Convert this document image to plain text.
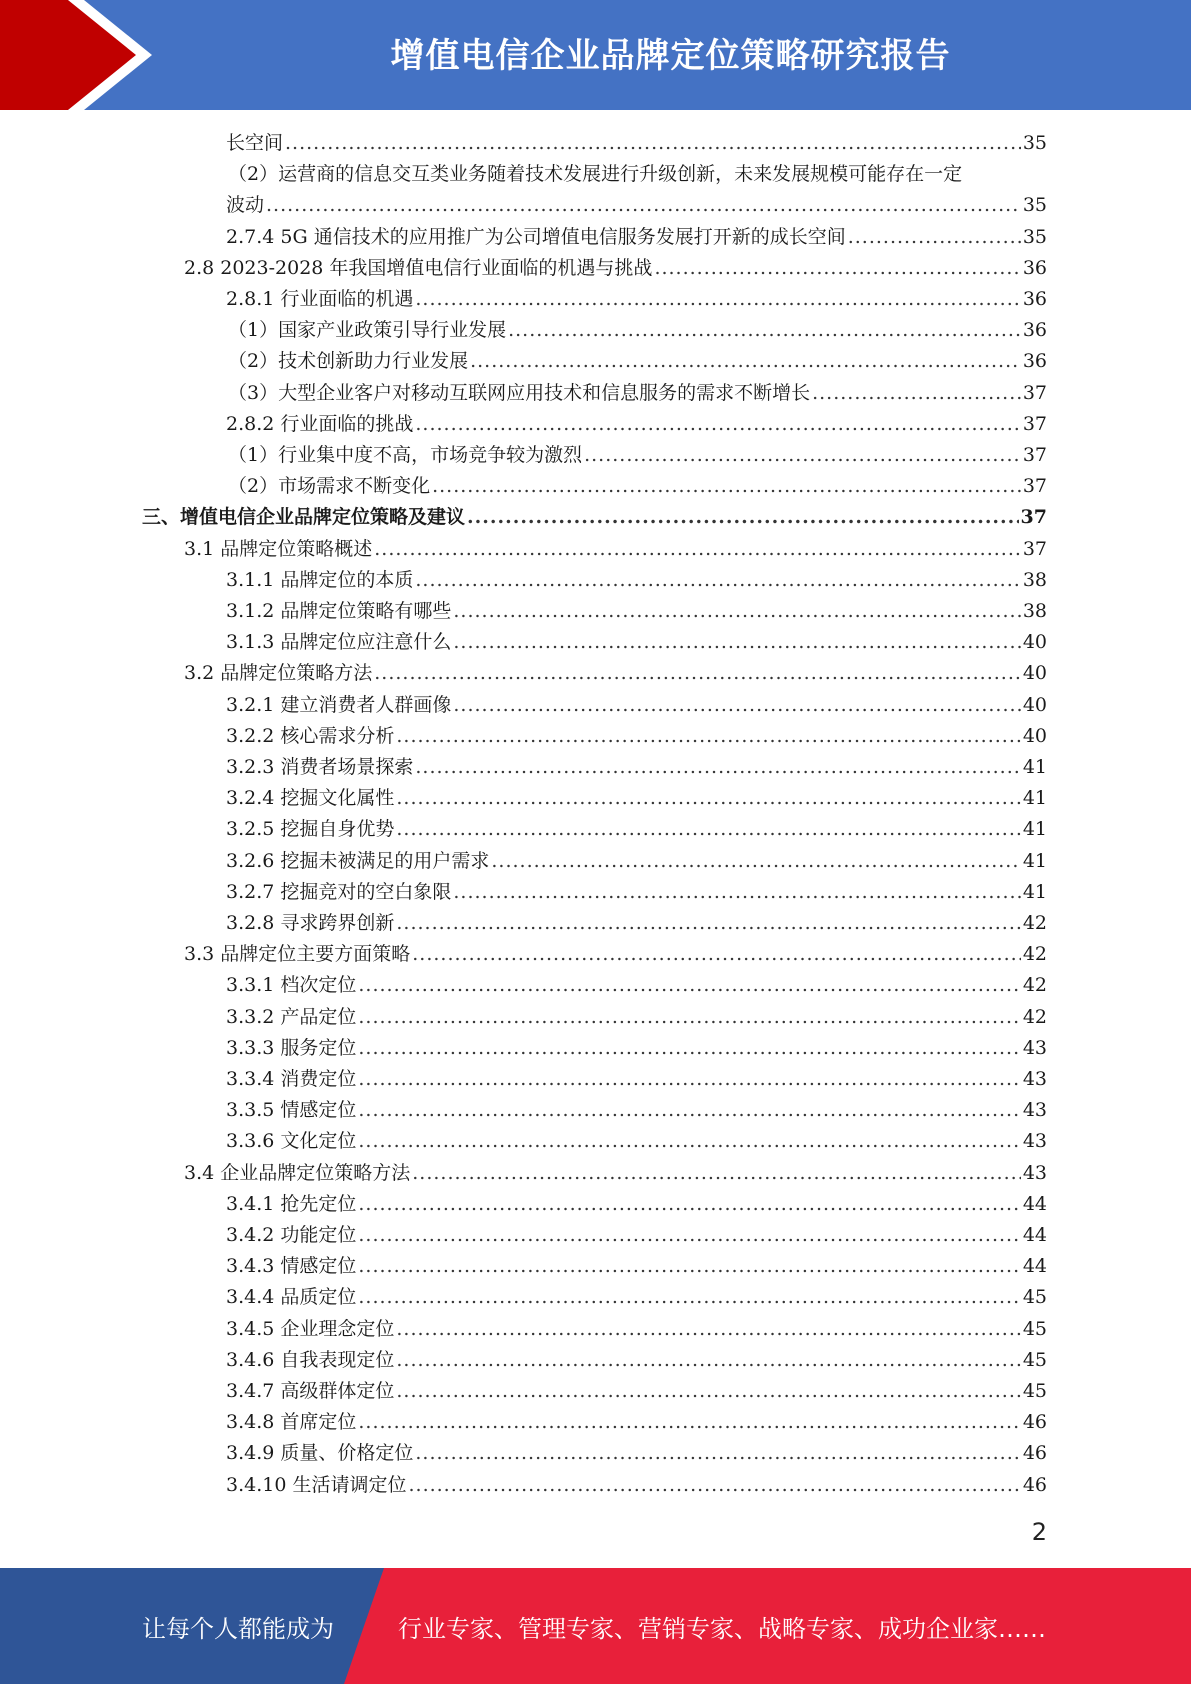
增值电信企业品牌定位策略研究报告
长空间 .....	35
（2）运营商的信息交互类业务随着技术发展进行升级创新，未来发展规模可能存在一定
波动 .....	35
2.7.4 5G 通信技术的应用推广为公司增值电信服务发展打开新的成长空间 .....	35
2.8 2023-2028 年我国增值电信行业面临的机遇与挑战 .....	36
2.8.1 行业面临的机遇 .....	36
（1）国家产业政策引导行业发展 .....	36
（2）技术创新助力行业发展 .....	36
（3）大型企业客户对移动互联网应用技术和信息服务的需求不断增长 .....	37
2.8.2 行业面临的挑战 .....	37
（1）行业集中度不高，市场竞争较为激烈 .....	37
（2）市场需求不断变化 .....	37
三、增值电信企业品牌定位策略及建议 .....	37
3.1 品牌定位策略概述 .....	37
3.1.1 品牌定位的本质 .....	38
3.1.2 品牌定位策略有哪些 .....	38
3.1.3 品牌定位应注意什么 .....	40
3.2 品牌定位策略方法 .....	40
3.2.1 建立消费者人群画像 .....	40
3.2.2 核心需求分析 .....	40
3.2.3 消费者场景探索 .....	41
3.2.4 挖掘文化属性 .....	41
3.2.5 挖掘自身优势 .....	41
3.2.6 挖掘未被满足的用户需求 .....	41
3.2.7 挖掘竞对的空白象限 .....	41
3.2.8 寻求跨界创新 .....	42
3.3 品牌定位主要方面策略 .....	42
3.3.1 档次定位 .....	42
3.3.2 产品定位 .....	42
3.3.3 服务定位 .....	43
3.3.4 消费定位 .....	43
3.3.5 情感定位 .....	43
3.3.6 文化定位 .....	43
3.4 企业品牌定位策略方法 .....	43
3.4.1 抢先定位 .....	44
3.4.2 功能定位 .....	44
3.4.3 情感定位 .....	44
3.4.4 品质定位 .....	45
3.4.5 企业理念定位 .....	45
3.4.6 自我表现定位 .....	45
3.4.7 高级群体定位 .....	45
3.4.8 首席定位 .....	46
3.4.9 质量、价格定位 .....	46
3.4.10 生活请调定位 .....	46
2
让每个人都能成为	行业专家、管理专家、营销专家、战略专家、成功企业家……
